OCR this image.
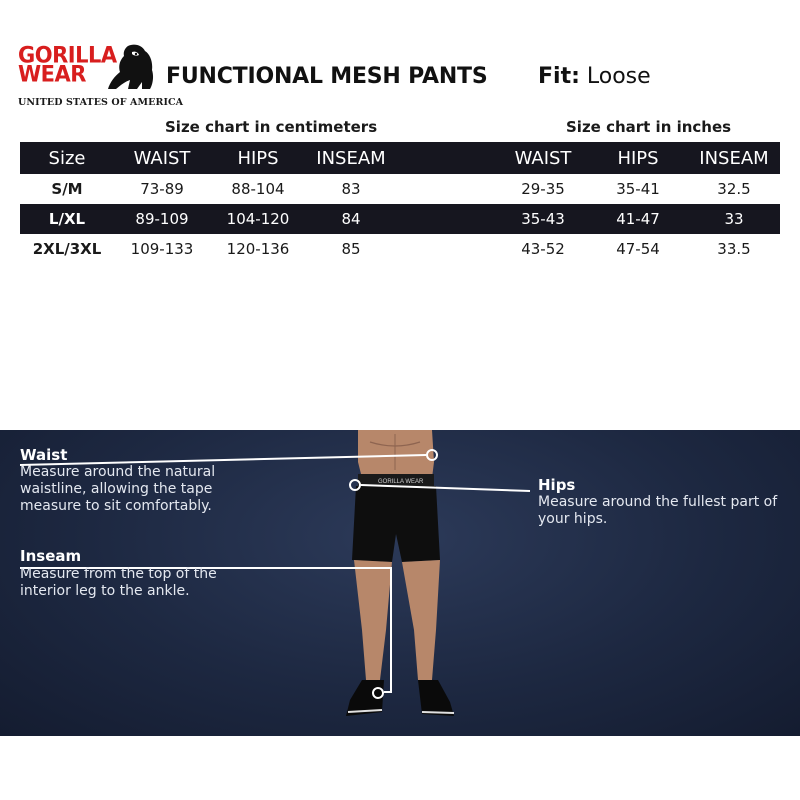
GORILLA
WEAR
UNITED STATES OF AMERICA
FUNCTIONAL MESH PANTS Fit: Loose
Size chart in centimeters	Size chart in inches
Size	WAIST	HIPS	INSEAM	WAIST	HIPS	INSEAM
S/M	73-89	88-104	83	29-35	35-41	32.5
L/XL	89-109	104-120	84	35-43	41-47	33
2XL/3XL	109-133	120-136	85	43-52	47-54	33.5
GORILLA WEAR
Waist
Measure around the natural
waistline, allowing the tape
measure to sit comfortably.
Hips
Measure around the fullest part of
your hips.
Inseam
Measure from the top of the
interior leg to the ankle.
